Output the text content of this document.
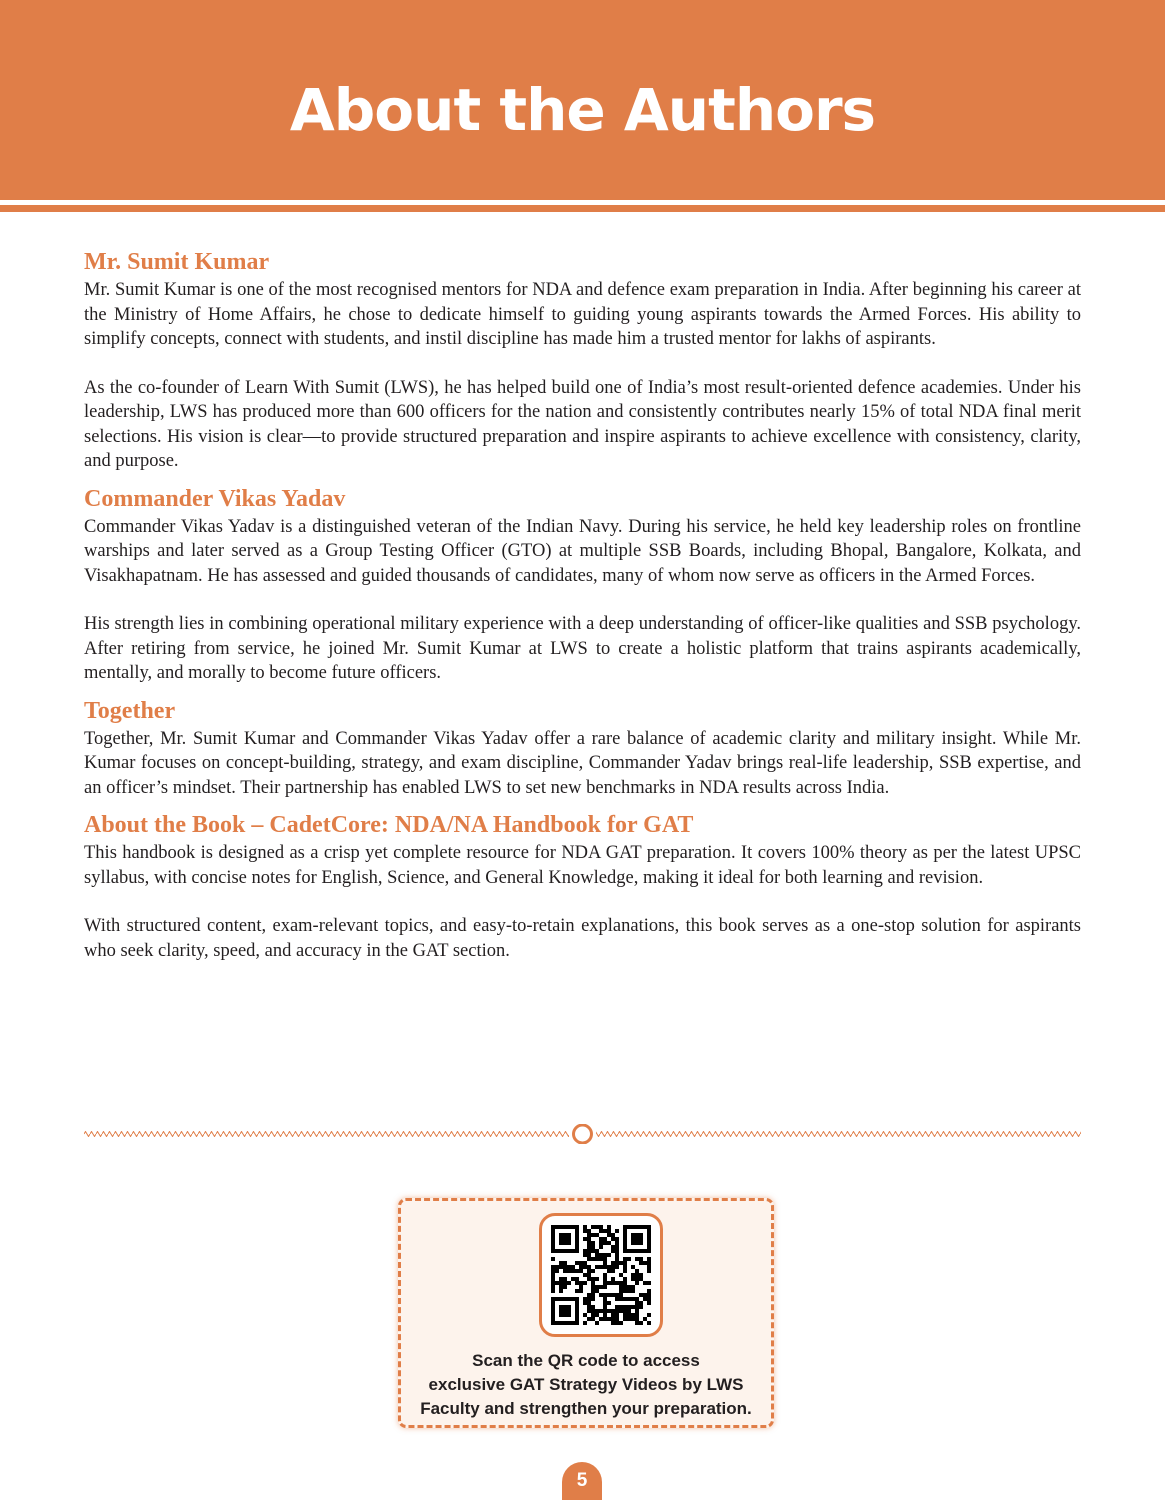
About the Authors
Mr. Sumit Kumar

Mr. Sumit Kumar is one of the most recognised mentors for NDA and defence exam preparation in India. After beginning his career at the Ministry of Home Affairs, he chose to dedicate himself to guiding young aspirants towards the Armed Forces. His ability to simplify concepts, connect with students, and instil discipline has made him a trusted mentor for lakhs of aspirants.

As the co-founder of Learn With Sumit (LWS), he has helped build one of India’s most result-oriented defence academies. Under his leadership, LWS has produced more than 600 officers for the nation and consistently contributes nearly 15% of total NDA final merit selections. His vision is clear—to provide structured preparation and inspire aspirants to achieve excellence with consistency, clarity, and purpose.

Commander Vikas Yadav

Commander Vikas Yadav is a distinguished veteran of the Indian Navy. During his service, he held key leadership roles on frontline warships and later served as a Group Testing Officer (GTO) at multiple SSB Boards, including Bhopal, Bangalore, Kolkata, and Visakhapatnam. He has assessed and guided thousands of candidates, many of whom now serve as officers in the Armed Forces.

His strength lies in combining operational military experience with a deep understanding of officer-like qualities and SSB psychology. After retiring from service, he joined Mr. Sumit Kumar at LWS to create a holistic platform that trains aspirants academically, mentally, and morally to become future officers.

Together

Together, Mr. Sumit Kumar and Commander Vikas Yadav offer a rare balance of academic clarity and military insight. While Mr. Kumar focuses on concept-building, strategy, and exam discipline, Commander Yadav brings real-life leadership, SSB expertise, and an officer’s mindset. Their partnership has enabled LWS to set new benchmarks in NDA results across India.

About the Book – CadetCore: NDA/NA Handbook for GAT

This handbook is designed as a crisp yet complete resource for NDA GAT preparation. It covers 100% theory as per the latest UPSC syllabus, with concise notes for English, Science, and General Knowledge, making it ideal for both learning and revision.

With structured content, exam-relevant topics, and easy-to-retain explanations, this book serves as a one-stop solution for aspirants who seek clarity, speed, and accuracy in the GAT section.

Scan the QR code to access
exclusive GAT Strategy Videos by LWS
Faculty and strengthen your preparation.
5
